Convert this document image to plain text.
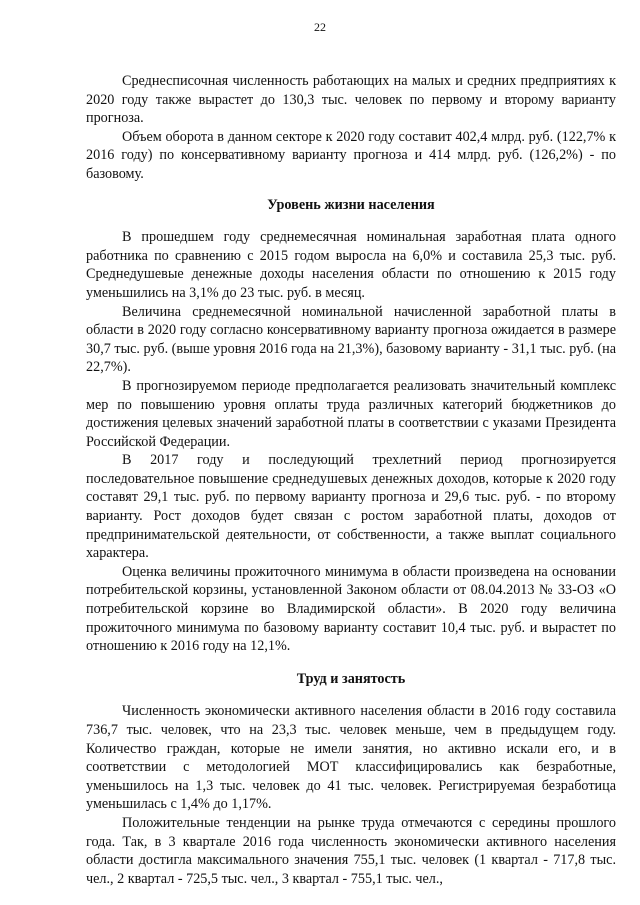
22

Среднесписочная численность работающих на малых и средних предприятиях к 2020 году также вырастет до 130,3 тыс. человек по первому и второму варианту прогноза.

Объем оборота в данном секторе к 2020 году составит 402,4 млрд. руб. (122,7% к 2016 году) по консервативному варианту прогноза и 414 млрд. руб. (126,2%) - по базовому.

Уровень жизни населения

В прошедшем году среднемесячная номинальная заработная плата одного работника по сравнению с 2015 годом выросла на 6,0% и составила 25,3 тыс. руб. Среднедушевые денежные доходы населения области по отношению к 2015 году уменьшились на 3,1% до 23 тыс. руб. в месяц.

Величина среднемесячной номинальной начисленной заработной платы в области в 2020 году согласно консервативному варианту прогноза ожидается в размере 30,7 тыс. руб. (выше уровня 2016 года на 21,3%), базовому варианту - 31,1 тыс. руб. (на 22,7%).

В прогнозируемом периоде предполагается реализовать значительный комплекс мер по повышению уровня оплаты труда различных категорий бюджетников до достижения целевых значений заработной платы в соответствии с указами Президента Российской Федерации.

В 2017 году и последующий трехлетний период прогнозируется последовательное повышение среднедушевых денежных доходов, которые к 2020 году составят 29,1 тыс. руб. по первому варианту прогноза и 29,6 тыс. руб. - по второму варианту. Рост доходов будет связан с ростом заработной платы, доходов от предпринимательской деятельности, от собственности, а также выплат социального характера.

Оценка величины прожиточного минимума в области произведена на основании потребительской корзины, установленной Законом области от 08.04.2013 № 33-ОЗ «О потребительской корзине во Владимирской области». В 2020 году величина прожиточного минимума по базовому варианту составит 10,4 тыс. руб. и вырастет по отношению к 2016 году на 12,1%.

Труд и занятость

Численность экономически активного населения области в 2016 году составила 736,7 тыс. человек, что на 23,3 тыс. человек меньше, чем в предыдущем году. Количество граждан, которые не имели занятия, но активно искали его, и в соответствии с методологией МОТ классифицировались как безработные, уменьшилось на 1,3 тыс. человек до 41 тыс. человек. Регистрируемая безработица уменьшилась с 1,4% до 1,17%.

Положительные тенденции на рынке труда отмечаются с середины прошлого года. Так, в 3 квартале 2016 года численность экономически активного населения области достигла максимального значения 755,1 тыс. человек (1 квартал - 717,8 тыс. чел., 2 квартал - 725,5 тыс. чел., 3 квартал - 755,1 тыс. чел.,
